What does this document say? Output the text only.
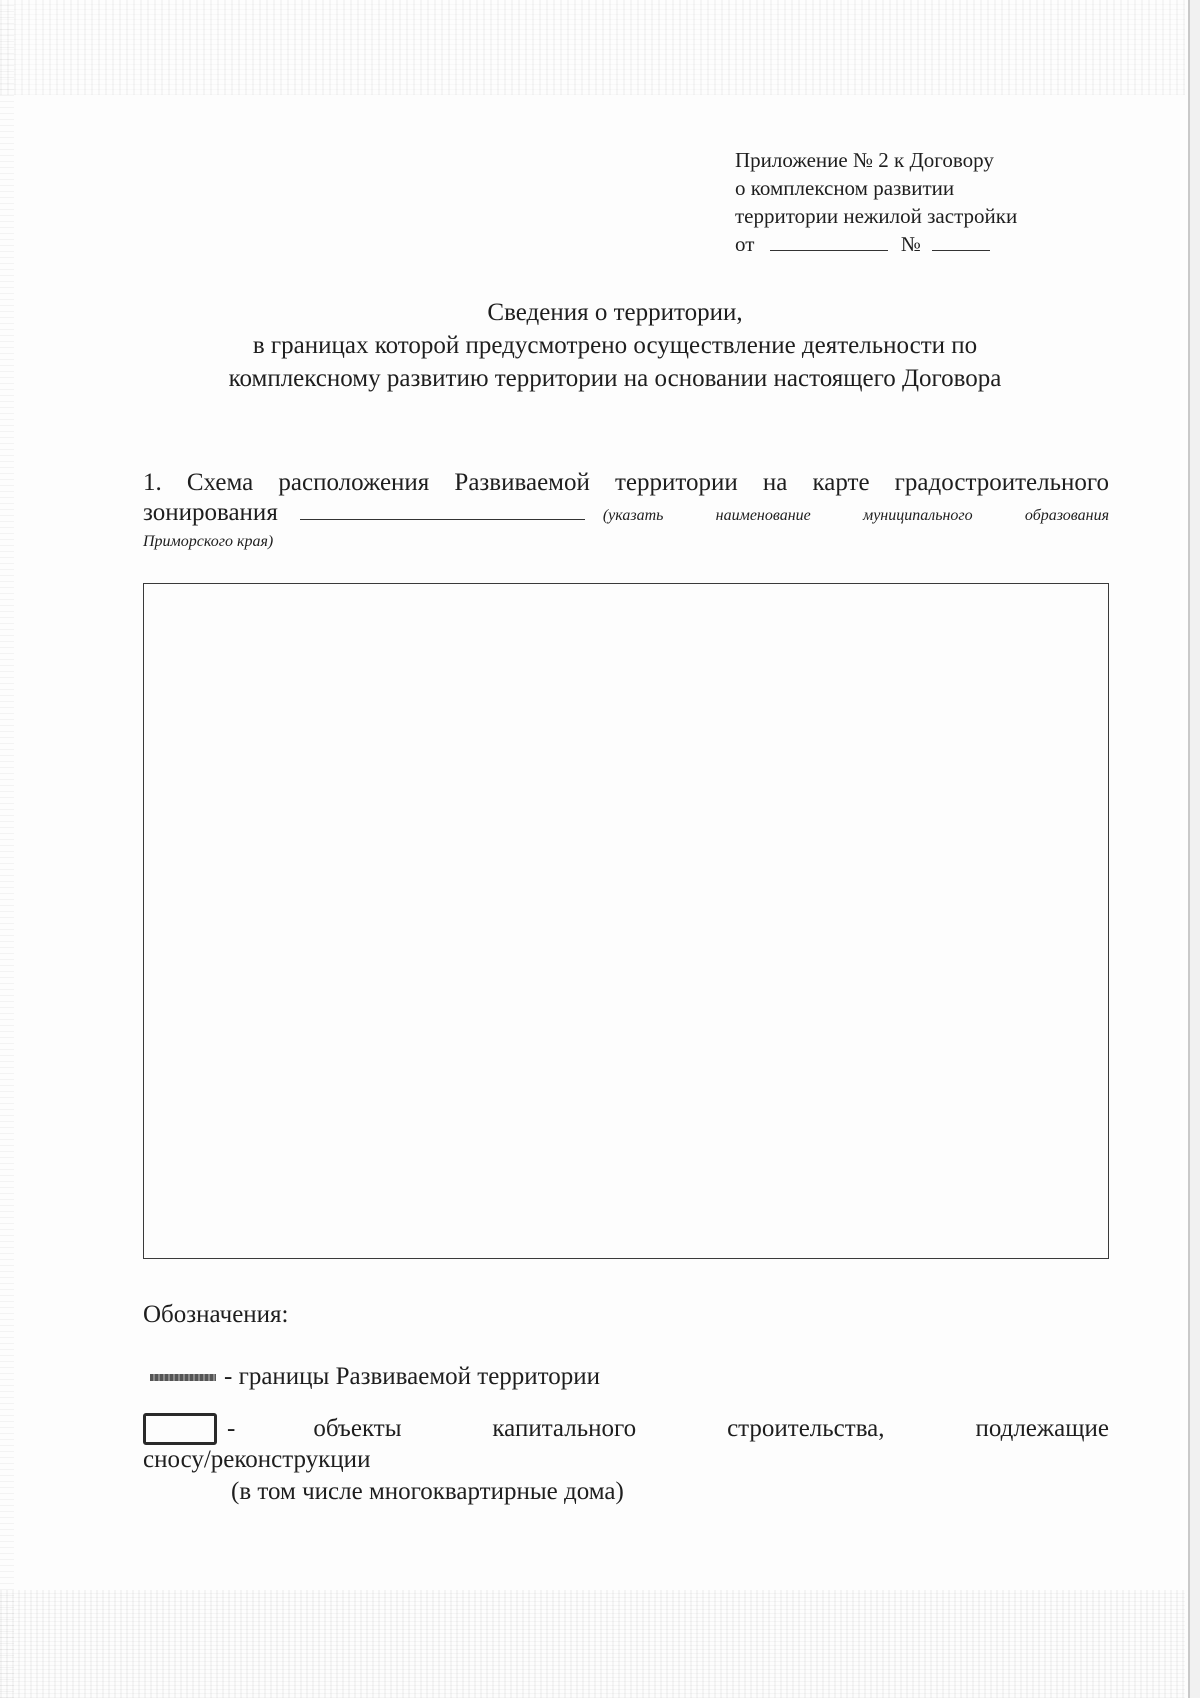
Приложение № 2 к Договору
о комплексном развитии
территории нежилой застройки
от	№
Сведения о территории,
в границах которой предусмотрено осуществление деятельности по
комплексному развитию территории на основании настоящего Договора
1. Схема расположения Развиваемой территории на карте градостроительного
зонирования	(указать наименование муниципального образования
Приморского края)
Обозначения:
- границы Развиваемой территории
-	объекты капитального строительства, подлежащие
сносу/реконструкции
(в том числе многоквартирные дома)
